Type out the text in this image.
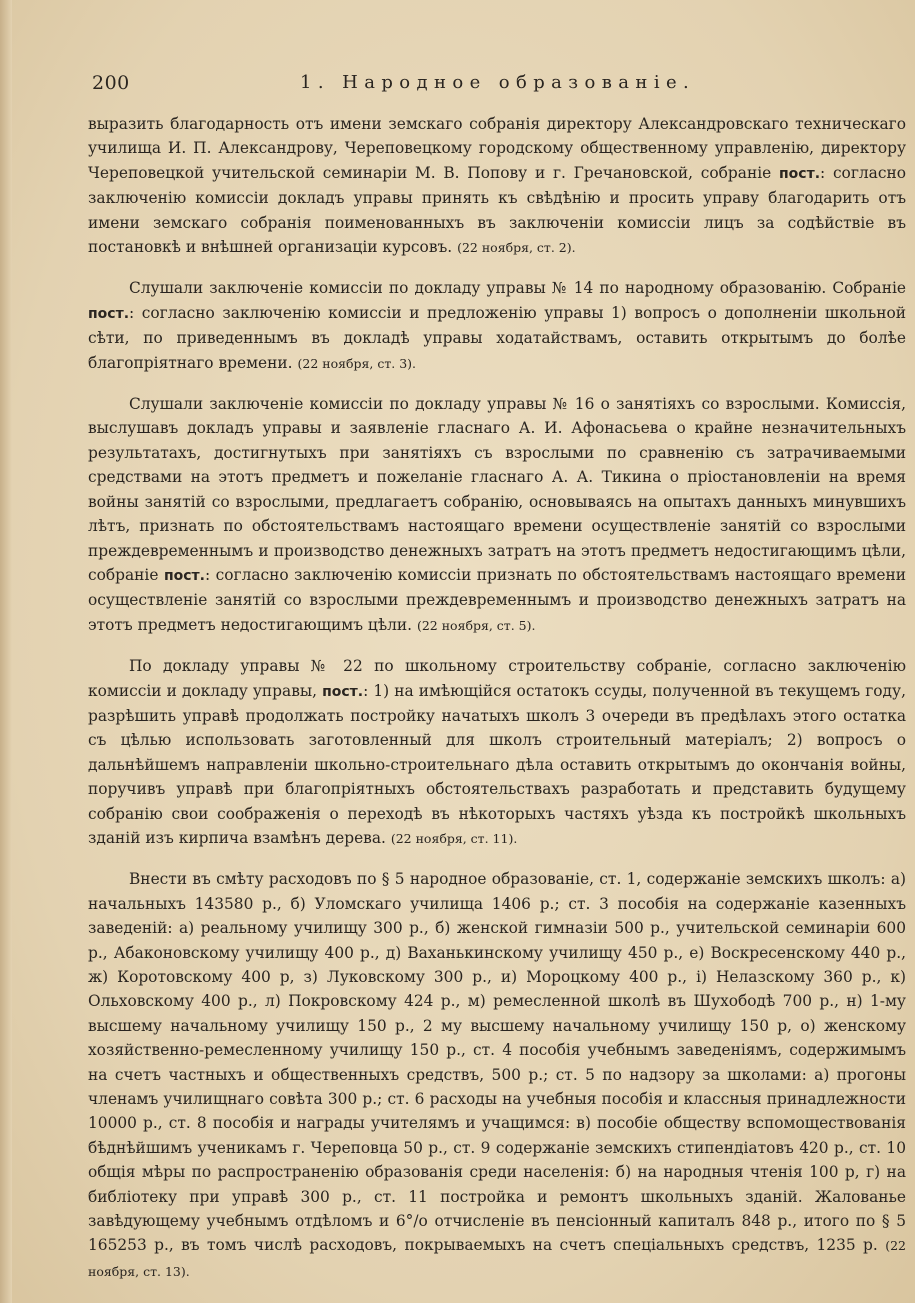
200	1. Народное образованіе.

выразить благодарность отъ имени земскаго собранія директору Александровскаго техническаго училища И. П. Александрову, Череповецкому городскому общественному управленію, директору Череповецкой учительской семинаріи М. В. Попову и г. Гречановской, собраніе пост.: согласно заключенію комиссіи докладъ управы принять къ свѣдѣнію и просить управу благодарить отъ имени земскаго собранія поименованныхъ въ заключеніи комиссіи лицъ за содѣйствіе въ постановкѣ и внѣшней организаціи курсовъ. (22 ноября, ст. 2).

Слушали заключеніе комиссіи по докладу управы № 14 по народному образованію. Собраніе пост.: согласно заключенію комиссіи и предложенію управы 1) вопросъ о дополненіи школьной сѣти, по приведеннымъ въ докладѣ управы ходатайствамъ, оставить открытымъ до болѣе благопріятнаго времени. (22 ноября, ст. 3).

Слушали заключеніе комиссіи по докладу управы № 16 о занятіяхъ со взрослыми. Комиссія, выслушавъ докладъ управы и заявленіе гласнаго А. И. Афонасьева о крайне незначительныхъ результатахъ, достигнутыхъ при занятіяхъ съ взрослыми по сравненію съ затрачиваемыми средствами на этотъ предметъ и пожеланіе гласнаго А. А. Тикина о пріостановленіи на время войны занятій со взрослыми, предлагаетъ собранію, основываясь на опытахъ данныхъ минувшихъ лѣтъ, признать по обстоятельствамъ настоящаго времени осуществленіе занятій со взрослыми преждевременнымъ и производство денежныхъ затратъ на этотъ предметъ недостигающимъ цѣли, собраніе пост.: согласно заключенію комиссіи признать по обстоятельствамъ настоящаго времени осуществленіе занятій со взрослыми преждевременнымъ и производство денежныхъ затратъ на этотъ предметъ недостигающимъ цѣли. (22 ноября, ст. 5).

По докладу управы № 22 по школьному строительству собраніе, согласно заключенію комиссіи и докладу управы, пост.: 1) на имѣющійся остатокъ ссуды, полученной въ текущемъ году, разрѣшить управѣ продолжать постройку начатыхъ школъ 3 очереди въ предѣлахъ этого остатка съ цѣлью использовать заготовленный для школъ строительный матеріалъ; 2) вопросъ о дальнѣйшемъ направленіи школьно-строительнаго дѣла оставить открытымъ до окончанія войны, поручивъ управѣ при благопріятныхъ обстоятельствахъ разработать и представить будущему собранію свои соображенія о переходѣ въ нѣкоторыхъ частяхъ уѣзда къ постройкѣ школьныхъ зданій изъ кирпича взамѣнъ дерева. (22 ноября, ст. 11).

Внести въ смѣту расходовъ по § 5 народное образованіе, ст. 1, содержаніе земскихъ школъ: а) начальныхъ 143580 р., б) Уломскаго училища 1406 р.; ст. 3 пособія на содержаніе казенныхъ заведеній: а) реальному училищу 300 р., б) женской гимназіи 500 р., учительской семинаріи 600 р., Абаконовскому училищу 400 р., д) Ваханькинскому училищу 450 р., е) Воскресенскому 440 р., ж) Коротовскому 400 р, з) Луковскому 300 р., и) Мороцкому 400 р., і) Нелазскому 360 р., к) Ольховскому 400 р., л) Покровскому 424 р., м) ремесленной школѣ въ Шухободѣ 700 р., н) 1-му высшему начальному училищу 150 р., 2 му высшему начальному училищу 150 р, о) женскому хозяйственно-ремесленному училищу 150 р., ст. 4 пособія учебнымъ заведеніямъ, содержимымъ на счетъ частныхъ и общественныхъ средствъ, 500 р.; ст. 5 по надзору за школами: а) прогоны членамъ училищнаго совѣта 300 р.; ст. 6 расходы на учебныя пособія и классныя принадлежности 10000 р., ст. 8 пособія и награды учителямъ и учащимся: в) пособіе обществу вспомоществованія бѣднѣйшимъ ученикамъ г. Череповца 50 р., ст. 9 содержаніе земскихъ стипендіатовъ 420 р., ст. 10 общія мѣры по распространенію образованія среди населенія: б) на народныя чтенія 100 р, г) на библіотеку при управѣ 300 р., ст. 11 постройка и ремонтъ школьныхъ зданій. Жалованье завѣдующему учебнымъ отдѣломъ и 6°/о отчисленіе въ пенсіонный капиталъ 848 р., итого по § 5 165253 р., въ томъ числѣ расходовъ, покрываемыхъ на счетъ спеціальныхъ средствъ, 1235 р. (22 ноября, ст. 13).
